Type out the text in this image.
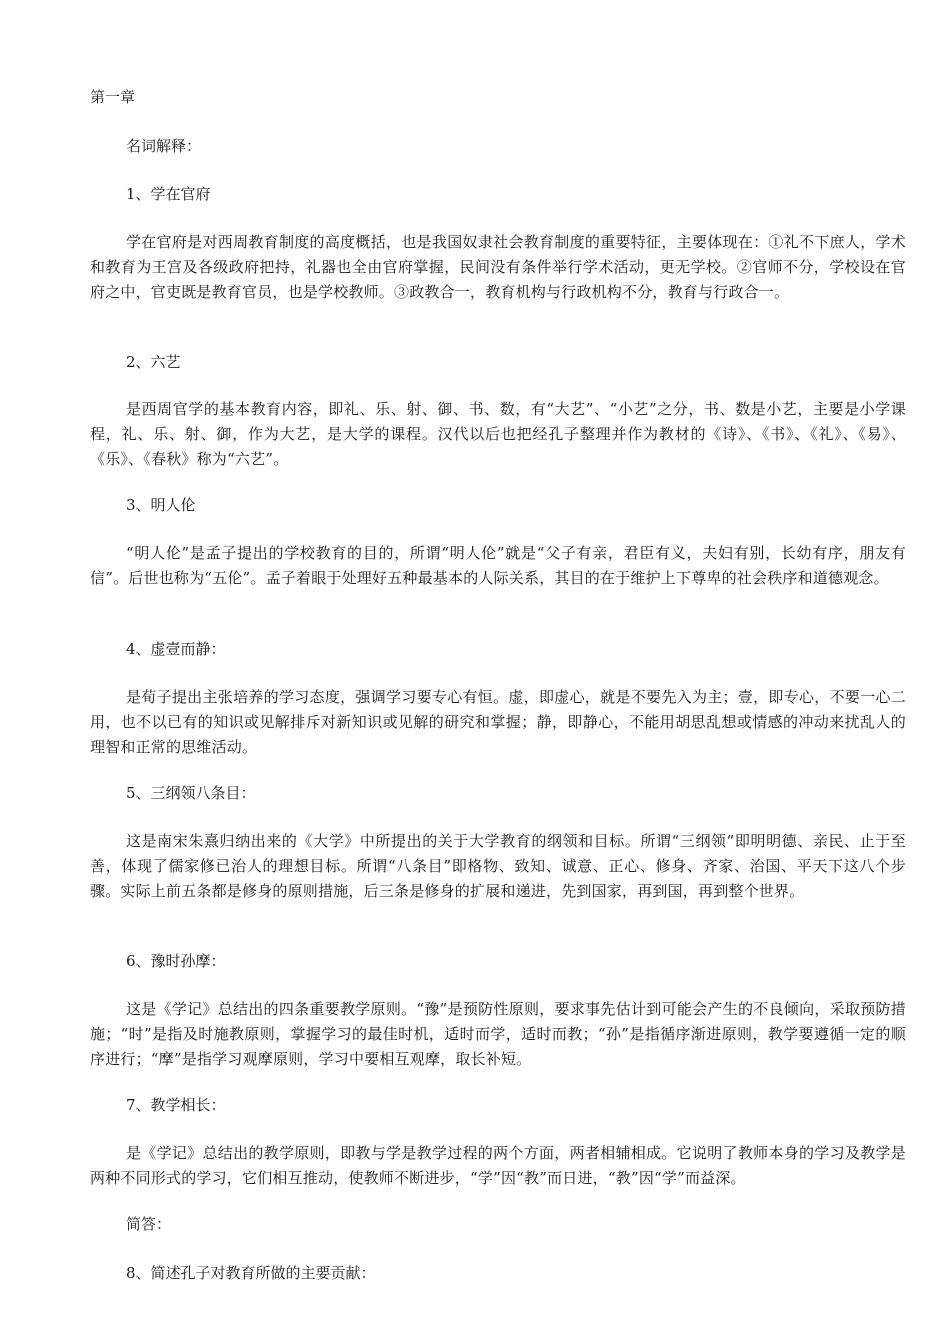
第一章
名词解释：
1、学在官府
学在官府是对西周教育制度的高度概括，也是我国奴隶社会教育制度的重要特征，主要体现在：①礼不下庶人，学术和教育为王宫及各级政府把持，礼器也全由官府掌握，民间没有条件举行学术活动，更无学校。②官师不分，学校设在官府之中，官吏既是教育官员，也是学校教师。③政教合一，教育机构与行政机构不分，教育与行政合一。
2、六艺
是西周官学的基本教育内容，即礼、乐、射、御、书、数，有“大艺”、“小艺”之分，书、数是小艺，主要是小学课程，礼、乐、射、御，作为大艺，是大学的课程。汉代以后也把经孔子整理并作为教材的《诗》、《书》、《礼》、《易》、《乐》、《春秋》称为“六艺”。
3、明人伦
“明人伦”是孟子提出的学校教育的目的，所谓“明人伦”就是“父子有亲，君臣有义，夫妇有别，长幼有序，朋友有信”。后世也称为“五伦”。孟子着眼于处理好五种最基本的人际关系，其目的在于维护上下尊卑的社会秩序和道德观念。
4、虚壹而静：
是荀子提出主张培养的学习态度，强调学习要专心有恒。虚，即虚心，就是不要先入为主；壹，即专心，不要一心二用，也不以已有的知识或见解排斥对新知识或见解的研究和掌握；静，即静心，不能用胡思乱想或情感的冲动来扰乱人的理智和正常的思维活动。
5、三纲领八条目：
这是南宋朱熹归纳出来的《大学》中所提出的关于大学教育的纲领和目标。所谓“三纲领”即明明德、亲民、止于至善，体现了儒家修已治人的理想目标。所谓“八条目”即格物、致知、诚意、正心、修身、齐家、治国、平天下这八个步骤。实际上前五条都是修身的原则措施，后三条是修身的扩展和递进，先到国家，再到国，再到整个世界。
6、豫时孙摩：
这是《学记》总结出的四条重要教学原则。“豫”是预防性原则，要求事先估计到可能会产生的不良倾向，采取预防措施；“时”是指及时施教原则，掌握学习的最佳时机，适时而学，适时而教；“孙”是指循序渐进原则，教学要遵循一定的顺序进行；“摩”是指学习观摩原则，学习中要相互观摩，取长补短。
7、教学相长：
是《学记》总结出的教学原则，即教与学是教学过程的两个方面，两者相辅相成。它说明了教师本身的学习及教学是两种不同形式的学习，它们相互推动，使教师不断进步，“学”因“教”而日进，“教”因“学”而益深。
简答：
8、简述孔子对教育所做的主要贡献：
